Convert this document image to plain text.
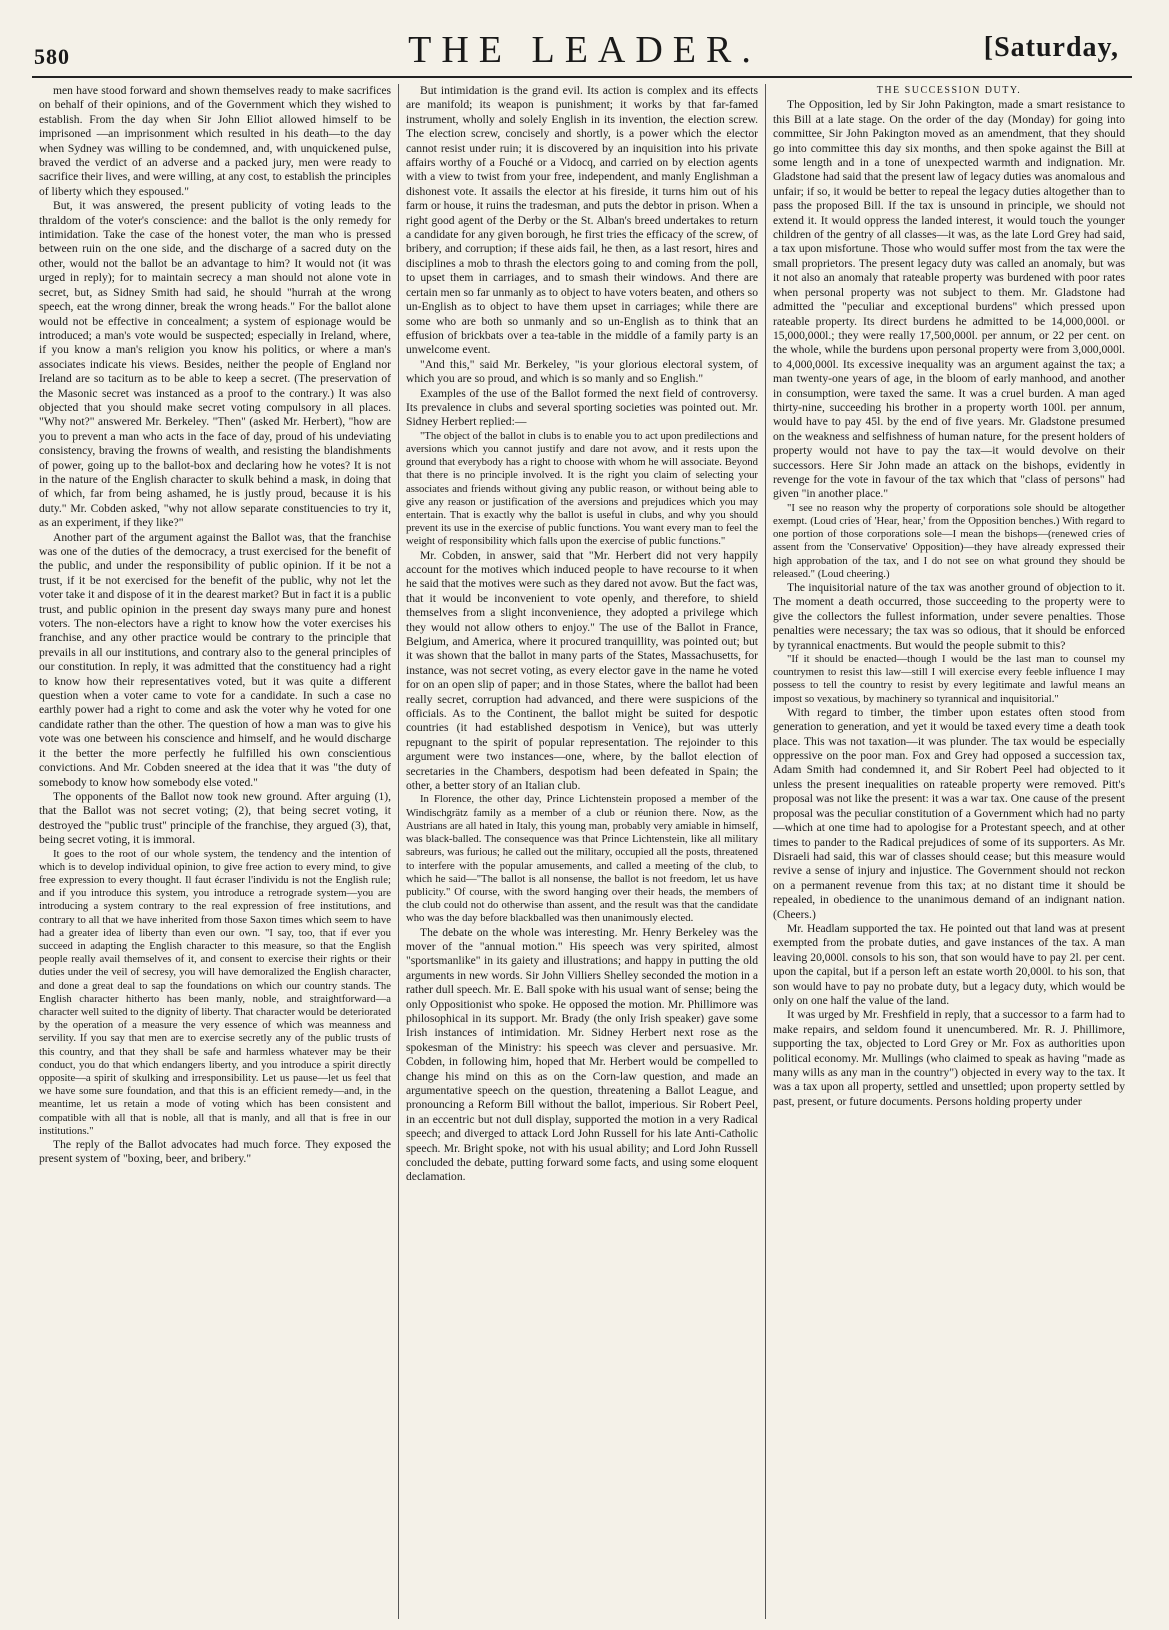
580	THE LEADER.	[Saturday,

men have stood forward and shown themselves ready to make sacrifices on behalf of their opinions, and of the Government which they wished to establish. From the day when Sir John Elliot allowed himself to be imprisoned —an imprisonment which resulted in his death—to the day when Sydney was willing to be condemned, and, with unquickened pulse, braved the verdict of an adverse and a packed jury, men were ready to sacrifice their lives, and were willing, at any cost, to establish the principles of liberty which they espoused."

But, it was answered, the present publicity of voting leads to the thraldom of the voter's conscience: and the ballot is the only remedy for intimidation. Take the case of the honest voter, the man who is pressed between ruin on the one side, and the discharge of a sacred duty on the other, would not the ballot be an advantage to him? It would not (it was urged in reply); for to maintain secrecy a man should not alone vote in secret, but, as Sidney Smith had said, he should "hurrah at the wrong speech, eat the wrong dinner, break the wrong heads." For the ballot alone would not be effective in concealment; a system of espionage would be introduced; a man's vote would be suspected; especially in Ireland, where, if you know a man's religion you know his politics, or where a man's associates indicate his views. Besides, neither the people of England nor Ireland are so taciturn as to be able to keep a secret. (The preservation of the Masonic secret was instanced as a proof to the contrary.) It was also objected that you should make secret voting compulsory in all places. "Why not?" answered Mr. Berkeley. "Then" (asked Mr. Herbert), "how are you to prevent a man who acts in the face of day, proud of his undeviating consistency, braving the frowns of wealth, and resisting the blandishments of power, going up to the ballot-box and declaring how he votes? It is not in the nature of the English character to skulk behind a mask, in doing that of which, far from being ashamed, he is justly proud, because it is his duty." Mr. Cobden asked, "why not allow separate constituencies to try it, as an experiment, if they like?"

Another part of the argument against the Ballot was, that the franchise was one of the duties of the democracy, a trust exercised for the benefit of the public, and under the responsibility of public opinion. If it be not a trust, if it be not exercised for the benefit of the public, why not let the voter take it and dispose of it in the dearest market? But in fact it is a public trust, and public opinion in the present day sways many pure and honest voters. The non-electors have a right to know how the voter exercises his franchise, and any other practice would be contrary to the principle that prevails in all our institutions, and contrary also to the general principles of our constitution. In reply, it was admitted that the constituency had a right to know how their representatives voted, but it was quite a different question when a voter came to vote for a candidate. In such a case no earthly power had a right to come and ask the voter why he voted for one candidate rather than the other. The question of how a man was to give his vote was one between his conscience and himself, and he would discharge it the better the more perfectly he fulfilled his own conscientious convictions. And Mr. Cobden sneered at the idea that it was "the duty of somebody to know how somebody else voted."

The opponents of the Ballot now took new ground. After arguing (1), that the Ballot was not secret voting; (2), that being secret voting, it destroyed the "public trust" principle of the franchise, they argued (3), that, being secret voting, it is immoral.

It goes to the root of our whole system, the tendency and the intention of which is to develop individual opinion, to give free action to every mind, to give free expression to every thought. Il faut écraser l'individu is not the English rule; and if you introduce this system, you introduce a retrograde system—you are introducing a system contrary to the real expression of free institutions, and contrary to all that we have inherited from those Saxon times which seem to have had a greater idea of liberty than even our own. "I say, too, that if ever you succeed in adapting the English character to this measure, so that the English people really avail themselves of it, and consent to exercise their rights or their duties under the veil of secresy, you will have demoralized the English character, and done a great deal to sap the foundations on which our country stands. The English character hitherto has been manly, noble, and straightforward—a character well suited to the dignity of liberty. That character would be deteriorated by the operation of a measure the very essence of which was meanness and servility. If you say that men are to exercise secretly any of the public trusts of this country, and that they shall be safe and harmless whatever may be their conduct, you do that which endangers liberty, and you introduce a spirit directly opposite—a spirit of skulking and irresponsibility. Let us pause—let us feel that we have some sure foundation, and that this is an efficient remedy—and, in the meantime, let us retain a mode of voting which has been consistent and compatible with all that is noble, all that is manly, and all that is free in our institutions."

The reply of the Ballot advocates had much force. They exposed the present system of "boxing, beer, and bribery."

But intimidation is the grand evil. Its action is complex and its effects are manifold; its weapon is punishment; it works by that far-famed instrument, wholly and solely English in its invention, the election screw. The election screw, concisely and shortly, is a power which the elector cannot resist under ruin; it is discovered by an inquisition into his private affairs worthy of a Fouché or a Vidocq, and carried on by election agents with a view to twist from your free, independent, and manly Englishman a dishonest vote. It assails the elector at his fireside, it turns him out of his farm or house, it ruins the tradesman, and puts the debtor in prison. When a right good agent of the Derby or the St. Alban's breed undertakes to return a candidate for any given borough, he first tries the efficacy of the screw, of bribery, and corruption; if these aids fail, he then, as a last resort, hires and disciplines a mob to thrash the electors going to and coming from the poll, to upset them in carriages, and to smash their windows. And there are certain men so far unmanly as to object to have voters beaten, and others so un-English as to object to have them upset in carriages; while there are some who are both so unmanly and so un-English as to think that an effusion of brickbats over a tea-table in the middle of a family party is an unwelcome event.

"And this," said Mr. Berkeley, "is your glorious electoral system, of which you are so proud, and which is so manly and so English."

Examples of the use of the Ballot formed the next field of controversy. Its prevalence in clubs and several sporting societies was pointed out. Mr. Sidney Herbert replied:—

"The object of the ballot in clubs is to enable you to act upon predilections and aversions which you cannot justify and dare not avow, and it rests upon the ground that everybody has a right to choose with whom he will associate. Beyond that there is no principle involved. It is the right you claim of selecting your associates and friends without giving any public reason, or without being able to give any reason or justification of the aversions and prejudices which you may entertain. That is exactly why the ballot is useful in clubs, and why you should prevent its use in the exercise of public functions. You want every man to feel the weight of responsibility which falls upon the exercise of public functions."

Mr. Cobden, in answer, said that "Mr. Herbert did not very happily account for the motives which induced people to have recourse to it when he said that the motives were such as they dared not avow. But the fact was, that it would be inconvenient to vote openly, and therefore, to shield themselves from a slight inconvenience, they adopted a privilege which they would not allow others to enjoy." The use of the Ballot in France, Belgium, and America, where it procured tranquillity, was pointed out; but it was shown that the ballot in many parts of the States, Massachusetts, for instance, was not secret voting, as every elector gave in the name he voted for on an open slip of paper; and in those States, where the ballot had been really secret, corruption had advanced, and there were suspicions of the officials. As to the Continent, the ballot might be suited for despotic countries (it had established despotism in Venice), but was utterly repugnant to the spirit of popular representation. The rejoinder to this argument were two instances—one, where, by the ballot election of secretaries in the Chambers, despotism had been defeated in Spain; the other, a better story of an Italian club.

In Florence, the other day, Prince Lichtenstein proposed a member of the Windischgrätz family as a member of a club or réunion there. Now, as the Austrians are all hated in Italy, this young man, probably very amiable in himself, was black-balled. The consequence was that Prince Lichtenstein, like all military sabreurs, was furious; he called out the military, occupied all the posts, threatened to interfere with the popular amusements, and called a meeting of the club, to which he said—"The ballot is all nonsense, the ballot is not freedom, let us have publicity." Of course, with the sword hanging over their heads, the members of the club could not do otherwise than assent, and the result was that the candidate who was the day before blackballed was then unanimously elected.

The debate on the whole was interesting. Mr. Henry Berkeley was the mover of the "annual motion." His speech was very spirited, almost "sportsmanlike" in its gaiety and illustrations; and happy in putting the old arguments in new words. Sir John Villiers Shelley seconded the motion in a rather dull speech. Mr. E. Ball spoke with his usual want of sense; being the only Oppositionist who spoke. He opposed the motion. Mr. Phillimore was philosophical in its support. Mr. Brady (the only Irish speaker) gave some Irish instances of intimidation. Mr. Sidney Herbert next rose as the spokesman of the Ministry: his speech was clever and persuasive. Mr. Cobden, in following him, hoped that Mr. Herbert would be compelled to change his mind on this as on the Corn-law question, and made an argumentative speech on the question, threatening a Ballot League, and pronouncing a Reform Bill without the ballot, imperious. Sir Robert Peel, in an eccentric but not dull display, supported the motion in a very Radical speech; and diverged to attack Lord John Russell for his late Anti-Catholic speech. Mr. Bright spoke, not with his usual ability; and Lord John Russell concluded the debate, putting forward some facts, and using some eloquent declamation.

THE SUCCESSION DUTY.

The Opposition, led by Sir John Pakington, made a smart resistance to this Bill at a late stage. On the order of the day (Monday) for going into committee, Sir John Pakington moved as an amendment, that they should go into committee this day six months, and then spoke against the Bill at some length and in a tone of unexpected warmth and indignation. Mr. Gladstone had said that the present law of legacy duties was anomalous and unfair; if so, it would be better to repeal the legacy duties altogether than to pass the proposed Bill. If the tax is unsound in principle, we should not extend it. It would oppress the landed interest, it would touch the younger children of the gentry of all classes—it was, as the late Lord Grey had said, a tax upon misfortune. Those who would suffer most from the tax were the small proprietors. The present legacy duty was called an anomaly, but was it not also an anomaly that rateable property was burdened with poor rates when personal property was not subject to them. Mr. Gladstone had admitted the "peculiar and exceptional burdens" which pressed upon rateable property. Its direct burdens he admitted to be 14,000,000l. or 15,000,000l.; they were really 17,500,000l. per annum, or 22 per cent. on the whole, while the burdens upon personal property were from 3,000,000l. to 4,000,000l. Its excessive inequality was an argument against the tax; a man twenty-one years of age, in the bloom of early manhood, and another in consumption, were taxed the same. It was a cruel burden. A man aged thirty-nine, succeeding his brother in a property worth 100l. per annum, would have to pay 45l. by the end of five years. Mr. Gladstone presumed on the weakness and selfishness of human nature, for the present holders of property would not have to pay the tax—it would devolve on their successors. Here Sir John made an attack on the bishops, evidently in revenge for the vote in favour of the tax which that "class of persons" had given "in another place."

"I see no reason why the property of corporations sole should be altogether exempt. (Loud cries of 'Hear, hear,' from the Opposition benches.) With regard to one portion of those corporations sole—I mean the bishops—(renewed cries of assent from the 'Conservative' Opposition)—they have already expressed their high approbation of the tax, and I do not see on what ground they should be released." (Loud cheering.)

The inquisitorial nature of the tax was another ground of objection to it. The moment a death occurred, those succeeding to the property were to give the collectors the fullest information, under severe penalties. Those penalties were necessary; the tax was so odious, that it should be enforced by tyrannical enactments. But would the people submit to this?

"If it should be enacted—though I would be the last man to counsel my countrymen to resist this law—still I will exercise every feeble influence I may possess to tell the country to resist by every legitimate and lawful means an impost so vexatious, by machinery so tyrannical and inquisitorial."

With regard to timber, the timber upon estates often stood from generation to generation, and yet it would be taxed every time a death took place. This was not taxation—it was plunder. The tax would be especially oppressive on the poor man. Fox and Grey had opposed a succession tax, Adam Smith had condemned it, and Sir Robert Peel had objected to it unless the present inequalities on rateable property were removed. Pitt's proposal was not like the present: it was a war tax. One cause of the present proposal was the peculiar constitution of a Government which had no party—which at one time had to apologise for a Protestant speech, and at other times to pander to the Radical prejudices of some of its supporters. As Mr. Disraeli had said, this war of classes should cease; but this measure would revive a sense of injury and injustice. The Government should not reckon on a permanent revenue from this tax; at no distant time it should be repealed, in obedience to the unanimous demand of an indignant nation. (Cheers.)

Mr. Headlam supported the tax. He pointed out that land was at present exempted from the probate duties, and gave instances of the tax. A man leaving 20,000l. consols to his son, that son would have to pay 2l. per cent. upon the capital, but if a person left an estate worth 20,000l. to his son, that son would have to pay no probate duty, but a legacy duty, which would be only on one half the value of the land.

It was urged by Mr. Freshfield in reply, that a successor to a farm had to make repairs, and seldom found it unencumbered. Mr. R. J. Phillimore, supporting the tax, objected to Lord Grey or Mr. Fox as authorities upon political economy. Mr. Mullings (who claimed to speak as having "made as many wills as any man in the country") objected in every way to the tax. It was a tax upon all property, settled and unsettled; upon property settled by past, present, or future documents. Persons holding property under
